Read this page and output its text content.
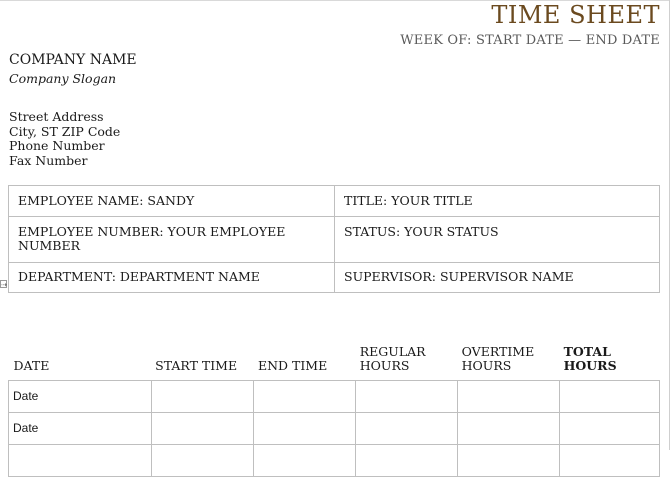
TIME SHEET
WEEK OF: START DATE — END DATE
COMPANY NAME
Company Slogan
Street Address
City, ST ZIP Code
Phone Number
Fax Number
EMPLOYEE NAME: SANDY	TITLE: YOUR TITLE
EMPLOYEE NUMBER: YOUR EMPLOYEE NUMBER	STATUS: YOUR STATUS
DEPARTMENT: DEPARTMENT NAME	SUPERVISOR: SUPERVISOR NAME
⇢
DATE	START TIME	END TIME	REGULAR HOURS	OVERTIME HOURS	TOTAL HOURS
Date					
Date					
